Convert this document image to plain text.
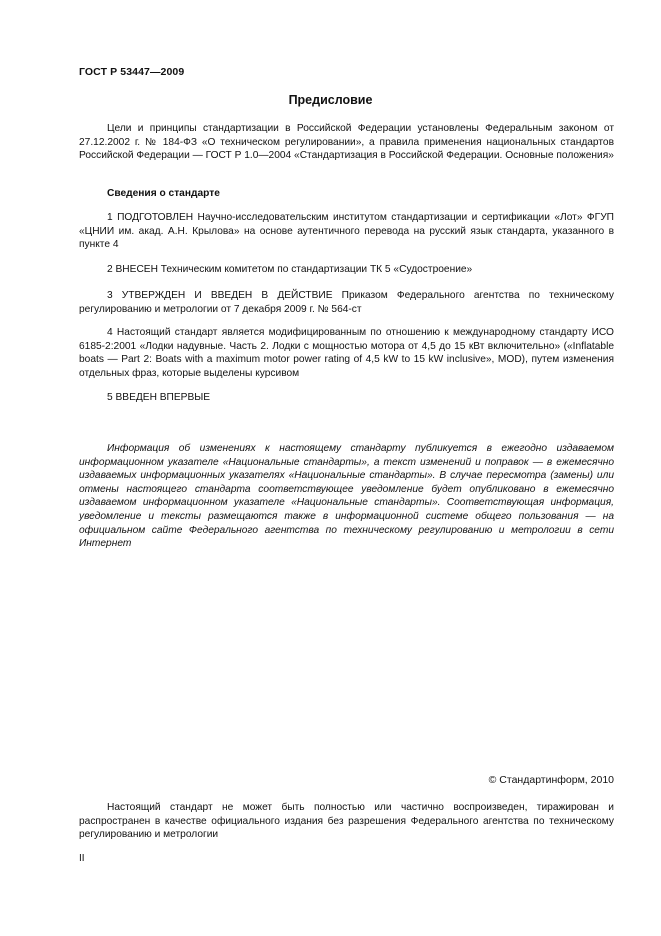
ГОСТ Р 53447—2009
Предисловие

Цели и принципы стандартизации в Российской Федерации установлены Федеральным законом от 27.12.2002 г. № 184-ФЗ «О техническом регулировании», а правила применения национальных стандартов Российской Федерации — ГОСТ Р 1.0—2004 «Стандартизация в Российской Федерации. Основные положения»

Сведения о стандарте

1 ПОДГОТОВЛЕН Научно-исследовательским институтом стандартизации и сертификации «Лот» ФГУП «ЦНИИ им. акад. А.Н. Крылова» на основе аутентичного перевода на русский язык стандарта, указанного в пункте 4

2 ВНЕСЕН Техническим комитетом по стандартизации ТК 5 «Судостроение»

3 УТВЕРЖДЕН И ВВЕДЕН В ДЕЙСТВИЕ Приказом Федерального агентства по техническому регулированию и метрологии от 7 декабря 2009 г. № 564-ст

4 Настоящий стандарт является модифицированным по отношению к международному стандарту ИСО 6185-2:2001 «Лодки надувные. Часть 2. Лодки с мощностью мотора от 4,5 до 15 кВт включительно» («Inflatable boats — Part 2: Boats with a maximum motor power rating of 4,5 kW to 15 kW inclusive», MOD), путем изменения отдельных фраз, которые выделены курсивом

5 ВВЕДЕН ВПЕРВЫЕ

Информация об изменениях к настоящему стандарту публикуется в ежегодно издаваемом информационном указателе «Национальные стандарты», а текст изменений и поправок — в ежемесячно издаваемых информационных указателях «Национальные стандарты». В случае пересмотра (замены) или отмены настоящего стандарта соответствующее уведомление будет опубликовано в ежемесячно издаваемом информационном указателе «Национальные стандарты». Соответствующая информация, уведомление и тексты размещаются также в информационной системе общего пользования — на официальном сайте Федерального агентства по техническому регулированию и метрологии в сети Интернет

© Стандартинформ, 2010

Настоящий стандарт не может быть полностью или частично воспроизведен, тиражирован и распространен в качестве официального издания без разрешения Федерального агентства по техническому регулированию и метрологии

II
